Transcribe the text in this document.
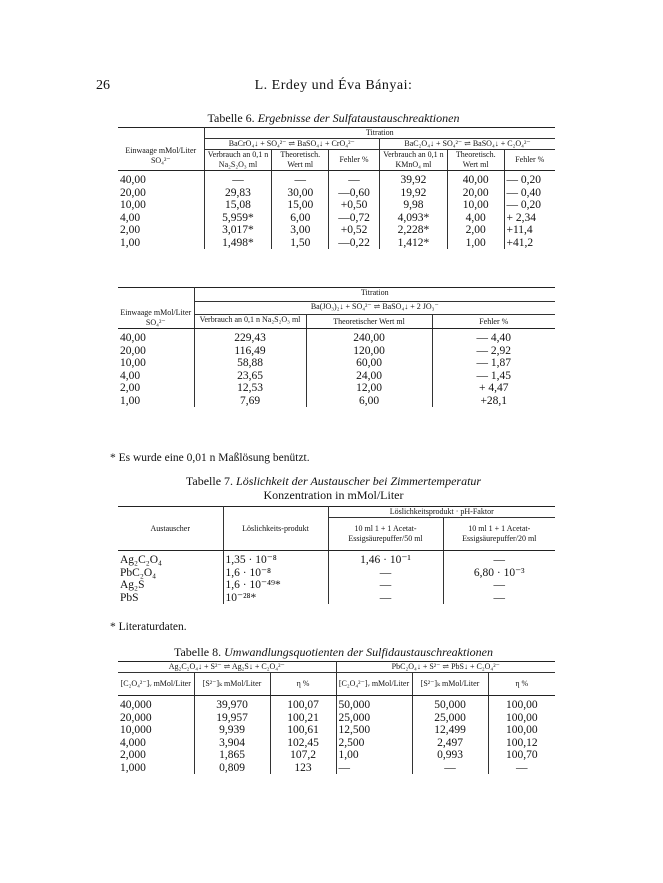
26	L. Erdey und Éva Bányai:
Tabelle 6. Ergebnisse der Sulfataustauschreaktionen
Einwaage mMol/Liter SO₄²⁻	Titration					
	BaCrO₄↓ + SO₄²⁻ ⇌ BaSO₄↓ + CrO₄²⁻			BaC₂O₄↓ + SO₄²⁻ ⇌ BaSO₄↓ + C₂O₄²⁻		
	Verbrauch an 0,1 n Na₂S₂O₃ ml	Theoretisch. Wert ml	Fehler %	Verbrauch an 0,1 n KMnO₄ ml	Theoretisch. Wert ml	Fehler %
40,00	—	—	—	39,92	40,00	— 0,20
20,00	29,83	30,00	—0,60	19,92	20,00	— 0,40
10,00	15,08	15,00	+0,50	9,98	10,00	— 0,20
4,00	5,959*	6,00	—0,72	4,093*	4,00	+ 2,34
2,00	3,017*	3,00	+0,52	2,228*	2,00	+11,4
1,00	1,498*	1,50	—0,22	1,412*	1,00	+41,2
Einwaage mMol/Liter SO₄²⁻	Titration		
	Ba(JO₃)₂↓ + SO₄²⁻ ⇌ BaSO₄↓ + 2 JO₃⁻		
	Verbrauch an 0,1 n Na₂S₂O₃ ml	Theoretischer Wert ml	Fehler %
40,00	229,43	240,00	— 4,40
20,00	116,49	120,00	— 2,92
10,00	58,88	60,00	— 1,87
4,00	23,65	24,00	— 1,45
2,00	12,53	12,00	+ 4,47
1,00	7,69	6,00	+28,1
* Es wurde eine 0,01 n Maßlösung benützt.
Tabelle 7. Löslichkeit der Austauscher bei Zimmertemperatur
Konzentration in mMol/Liter
Austauscher	Löslichkeits-produkt	Löslichkeitsprodukt · pH-Faktor	
		10 ml 1 + 1 Acetat-Essigsäurepuffer/50 ml	10 ml 1 + 1 Acetat-Essigsäurepuffer/20 ml
Ag₂C₂O₄	1,35 · 10⁻⁸	1,46 · 10⁻¹	—
PbC₂O₄	1,6 · 10⁻⁸	—	6,80 · 10⁻³
Ag₂S	1,6 · 10⁻⁴⁹*	—	—
PbS	10⁻²⁸*	—	—
* Literaturdaten.
Tabelle 8. Umwandlungsquotienten der Sulfidaustauschreaktionen
Ag₂C₂O₄↓ + S²⁻ ⇌ Ag₂S↓ + C₂O₄²⁻			PbC₂O₄↓ + S²⁻ ⇌ PbS↓ + C₂O₄²⁻		
[C₂O₄²⁻]ᵥ mMol/Liter	[S²⁻]ₖ mMol/Liter	η %	[C₂O₄²⁻]ᵥ mMol/Liter	[S²⁻]ₖ mMol/Liter	η %
40,000	39,970	100,07	50,000	50,000	100,00
20,000	19,957	100,21	25,000	25,000	100,00
10,000	9,939	100,61	12,500	12,499	100,00
4,000	3,904	102,45	2,500	2,497	100,12
2,000	1,865	107,2	1,00	0,993	100,70
1,000	0,809	123	—	—	—
